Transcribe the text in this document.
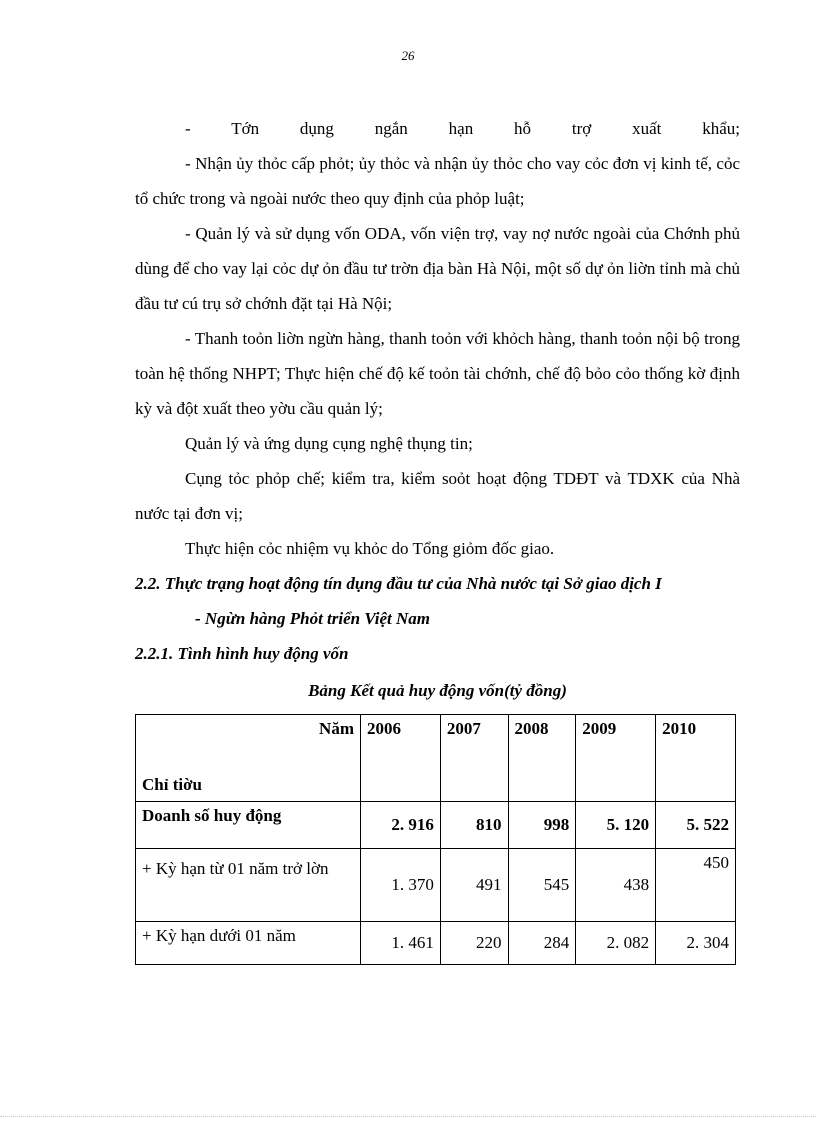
26

- Tớn dụng ngắn hạn hỗ trợ xuất khẩu;

- Nhận ủy thỏc cấp phỏt; ủy thỏc và nhận ủy thỏc cho vay cỏc đơn vị kinh tế, cỏc tổ chức trong và ngoài nước theo quy định của phỏp luật;

- Quản lý và sử dụng vốn ODA, vốn viện trợ, vay nợ nước ngoài của Chớnh phủ dùng để cho vay lại cỏc dự ỏn đầu tư trờn địa bàn Hà Nội, một số dự ỏn liờn tỉnh mà chủ đầu tư cú trụ sở chớnh đặt tại Hà Nội;

- Thanh toỏn liờn ngừn hàng, thanh toỏn với khỏch hàng, thanh toỏn nội bộ trong toàn hệ thống NHPT; Thực hiện chế độ kế toỏn tài chớnh, chế độ bỏo cỏo thống kờ định kỳ và đột xuất theo yờu cầu quản lý;

Quản lý và ứng dụng cụng nghệ thụng tin;

Cụng tỏc phỏp chế; kiểm tra, kiểm soỏt hoạt động TDĐT và TDXK của Nhà nước tại đơn vị;

Thực hiện cỏc nhiệm vụ khỏc do Tổng giỏm đốc giao.

2.2. Thực trạng hoạt động tín dụng đầu tư của Nhà nước tại Sở giao dịch I
- Ngừn hàng Phỏt triển Việt Nam

2.2.1. Tình hình huy động vốn

Bảng Kết quả huy động vốn(tỷ đồng)

Năm
Chỉ tiờu	2006	2007	2008	2009	2010
Doanh số huy động	2. 916	810	998	5. 120	5. 522
+ Kỳ hạn từ 01 năm trở lờn	1. 370	491	545	438	450
+ Kỳ hạn dưới 01 năm	1. 461	220	284	2. 082	2. 304
